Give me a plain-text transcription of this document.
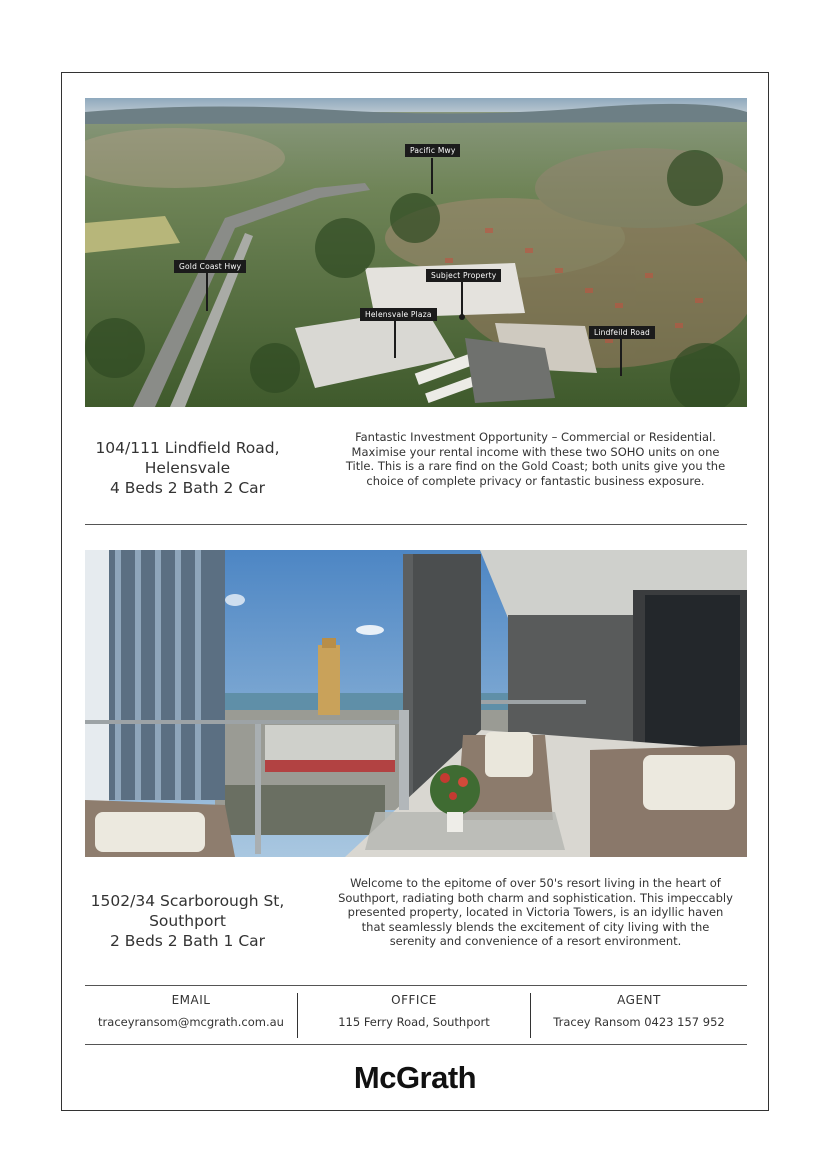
Pacific Mwy
Gold Coast Hwy
Subject Property
Helensvale Plaza
Lindfeild Road
104/111 Lindfield Road,
Helensvale
4 Beds 2 Bath 2 Car
Fantastic Investment Opportunity – Commercial or Residential. Maximise your rental income with these two SOHO units on one Title. This is a rare find on the Gold Coast; both units give you the choice of complete privacy or fantastic business exposure.
1502/34 Scarborough St,
Southport
2 Beds 2 Bath 1 Car
Welcome to the epitome of over 50's resort living in the heart of Southport, radiating both charm and sophistication. This impeccably presented property, located in Victoria Towers, is an idyllic haven that seamlessly blends the excitement of city living with the serenity and convenience of a resort environment.
EMAIL
traceyransom@mcgrath.com.au
OFFICE
115 Ferry Road, Southport
AGENT
Tracey Ransom 0423 157 952
McGrath
